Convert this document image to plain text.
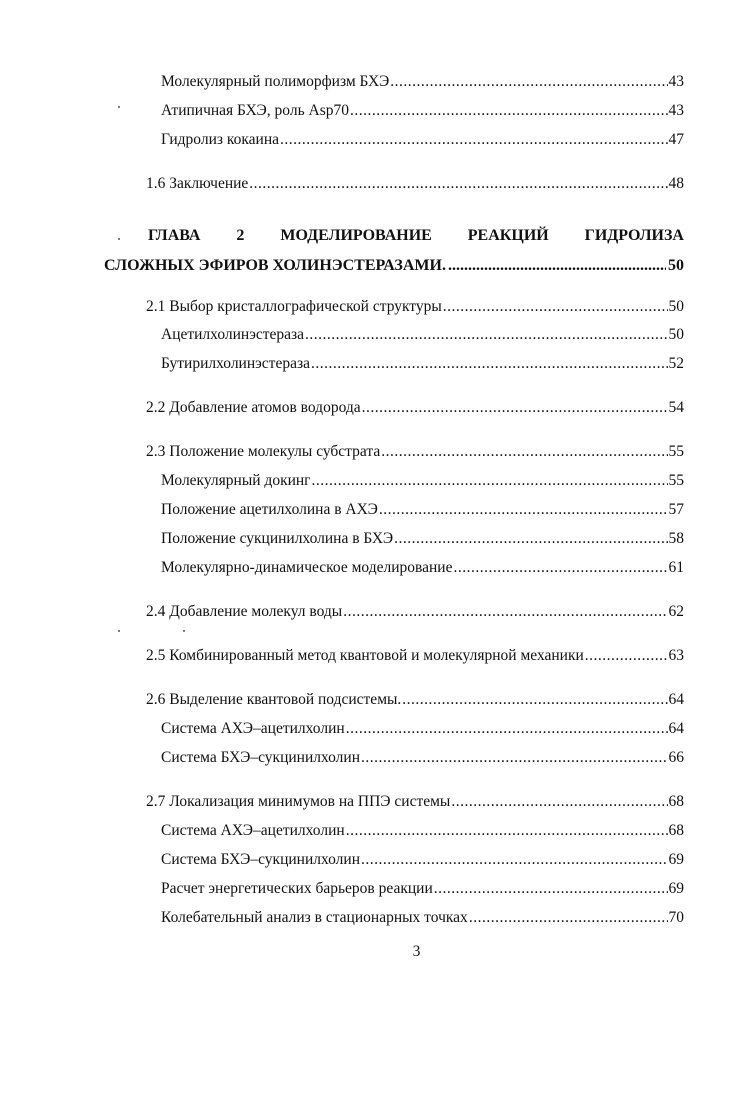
Молекулярный полиморфизм БХЭ .....	43
Атипичная БХЭ, роль Asp70 .....	43
Гидролиз кокаина .....	47
1.6 Заключение .....	48
ГЛАВА 2 МОДЕЛИРОВАНИЕ РЕАКЦИЙ ГИДРОЛИЗА
СЛОЖНЫХ ЭФИРОВ ХОЛИНЭСТЕРАЗАМИ. .....	50
2.1 Выбор кристаллографической структуры .....	50
Ацетилхолинэстераза .....	50
Бутирилхолинэстераза .....	52
2.2 Добавление атомов водорода .....	54
2.3 Положение молекулы субстрата .....	55
Молекулярный докинг .....	55
Положение ацетилхолина в АХЭ .....	57
Положение сукцинилхолина в БХЭ .....	58
Молекулярно-динамическое моделирование .....	61
2.4 Добавление молекул воды .....	62
2.5 Комбинированный метод квантовой и молекулярной механики .....	63
2.6 Выделение квантовой подсистемы. .....	64
Система АХЭ–ацетилхолин .....	64
Система БХЭ–сукцинилхолин .....	66
2.7 Локализация минимумов на ППЭ системы .....	68
Система АХЭ–ацетилхолин .....	68
Система БХЭ–сукцинилхолин .....	69
Расчет энергетических барьеров реакции .....	69
Колебательный анализ в стационарных точках .....	70
3
